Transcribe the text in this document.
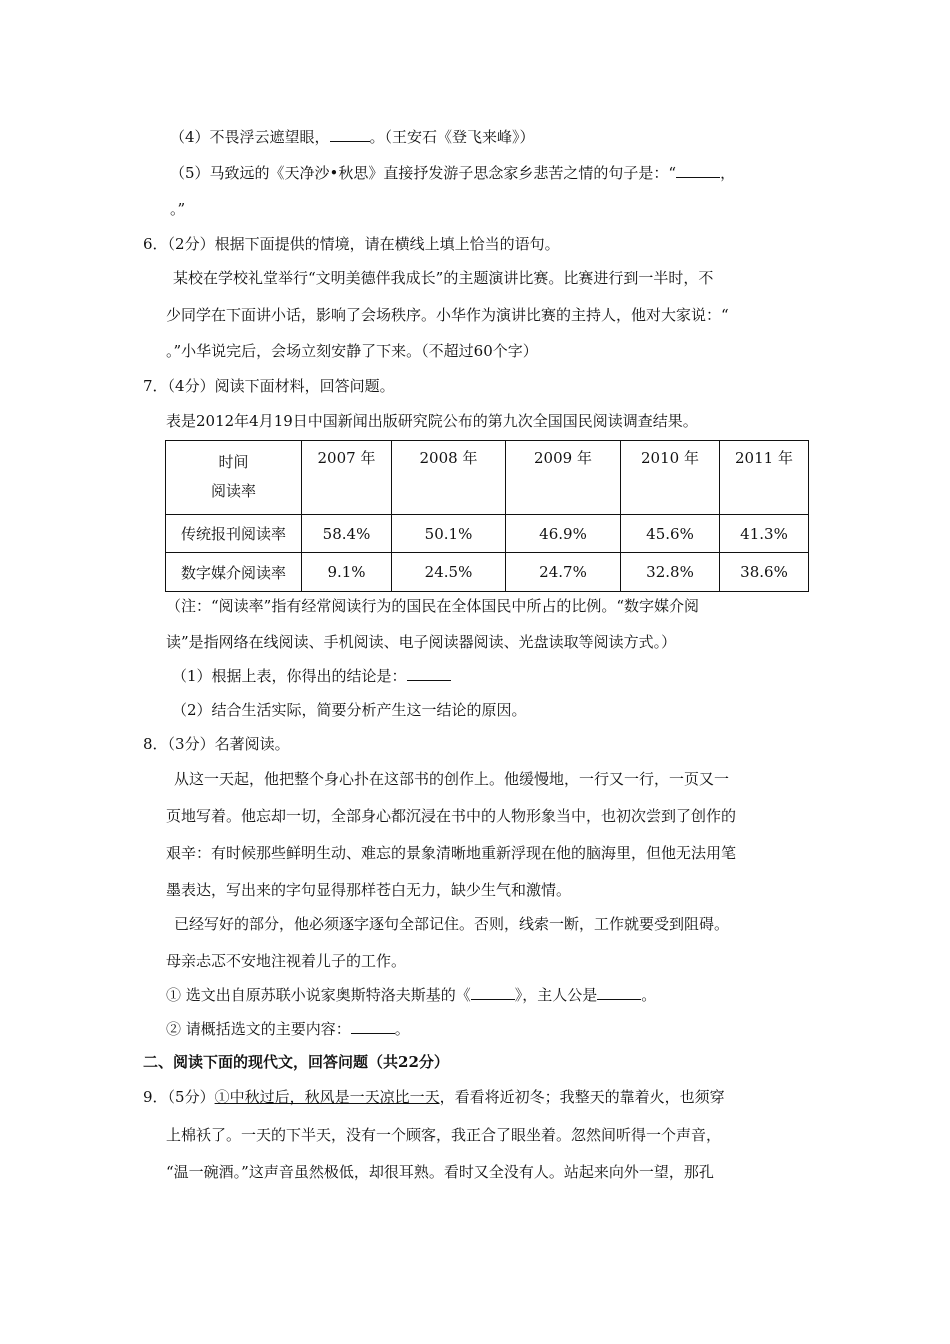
（4）不畏浮云遮望眼，	。（王安石《登飞来峰》）
（5）马致远的《天净沙•秋思》直接抒发游子思念家乡悲苦之情的句子是：“	，
。”
6．（2分）根据下面提供的情境，请在横线上填上恰当的语句。
某校在学校礼堂举行“文明美德伴我成长”的主题演讲比赛。比赛进行到一半时，不
少同学在下面讲小话，影响了会场秩序。小华作为演讲比赛的主持人，他对大家说：“
。”小华说完后，会场立刻安静了下来。（不超过60个字）
7．（4分）阅读下面材料，回答问题。
表是2012年4月19日中国新闻出版研究院公布的第九次全国国民阅读调查结果。
时间
阅读率	2007 年	2008 年	2009 年	2010 年	2011 年
传统报刊阅读率	58.4%	50.1%	46.9%	45.6%	41.3%
数字媒介阅读率	9.1%	24.5%	24.7%	32.8%	38.6%
（注：“阅读率”指有经常阅读行为的国民在全体国民中所占的比例。“数字媒介阅
读”是指网络在线阅读、手机阅读、电子阅读器阅读、光盘读取等阅读方式。）
（1）根据上表，你得出的结论是：
（2）结合生活实际，简要分析产生这一结论的原因。
8．（3分）名著阅读。
从这一天起，他把整个身心扑在这部书的创作上。他缓慢地，一行又一行，一页又一
页地写着。他忘却一切，全部身心都沉浸在书中的人物形象当中，也初次尝到了创作的
艰辛：有时候那些鲜明生动、难忘的景象清晰地重新浮现在他的脑海里，但他无法用笔
墨表达，写出来的字句显得那样苍白无力，缺少生气和激情。
已经写好的部分，他必须逐字逐句全部记住。否则，线索一断，工作就要受到阻碍。
母亲忐忑不安地注视着儿子的工作。
① 选文出自原苏联小说家奥斯特洛夫斯基的《	》，主人公是	。
② 请概括选文的主要内容：	。
二、阅读下面的现代文，回答问题（共22分）
9．（5分）①中秋过后，秋风是一天凉比一天，看看将近初冬；我整天的靠着火，也须穿
上棉袄了。一天的下半天，没有一个顾客，我正合了眼坐着。忽然间听得一个声音，
“温一碗酒。”这声音虽然极低，却很耳熟。看时又全没有人。站起来向外一望，那孔
